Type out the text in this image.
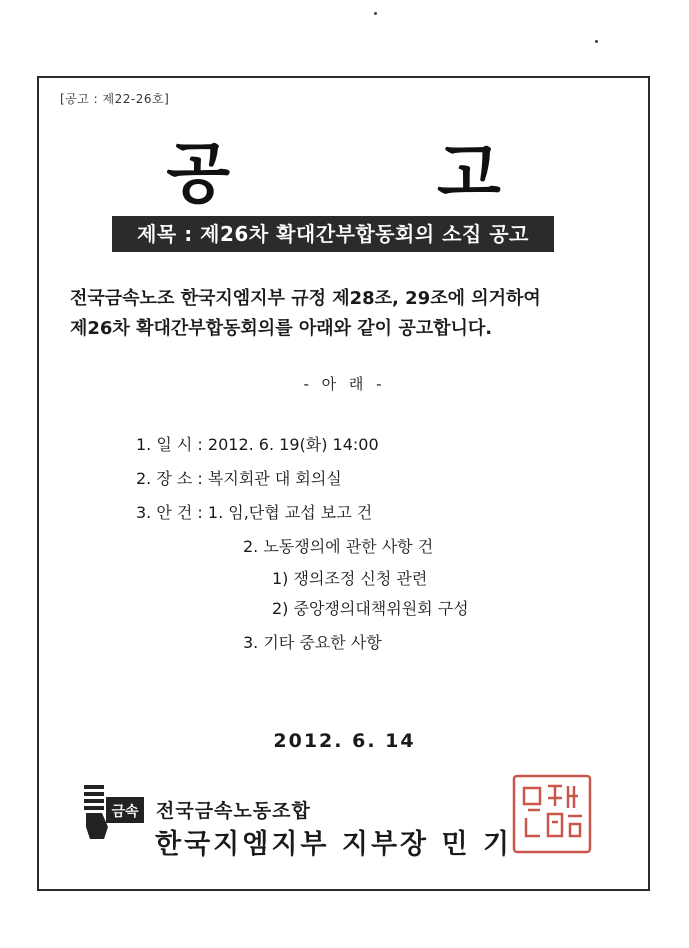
[공고 : 제22-26호]
공 고
제목 : 제26차 확대간부합동회의 소집 공고
전국금속노조 한국지엠지부 규정 제28조, 29조에 의거하여
제26차 확대간부합동회의를 아래와 같이 공고합니다.
- 아 래 -
1. 일 시 : 2012. 6. 19(화) 14:00
2. 장 소 : 복지회관 대 회의실
3. 안 건 : 1. 임,단협 교섭 보고 건
2. 노동쟁의에 관한 사항 건
1) 쟁의조정 신청 관련
2) 중앙쟁의대책위원회 구성
3. 기타 중요한 사항
2012. 6. 14
금속 전국금속노동조합
한국지엠지부 지부장 민 기
